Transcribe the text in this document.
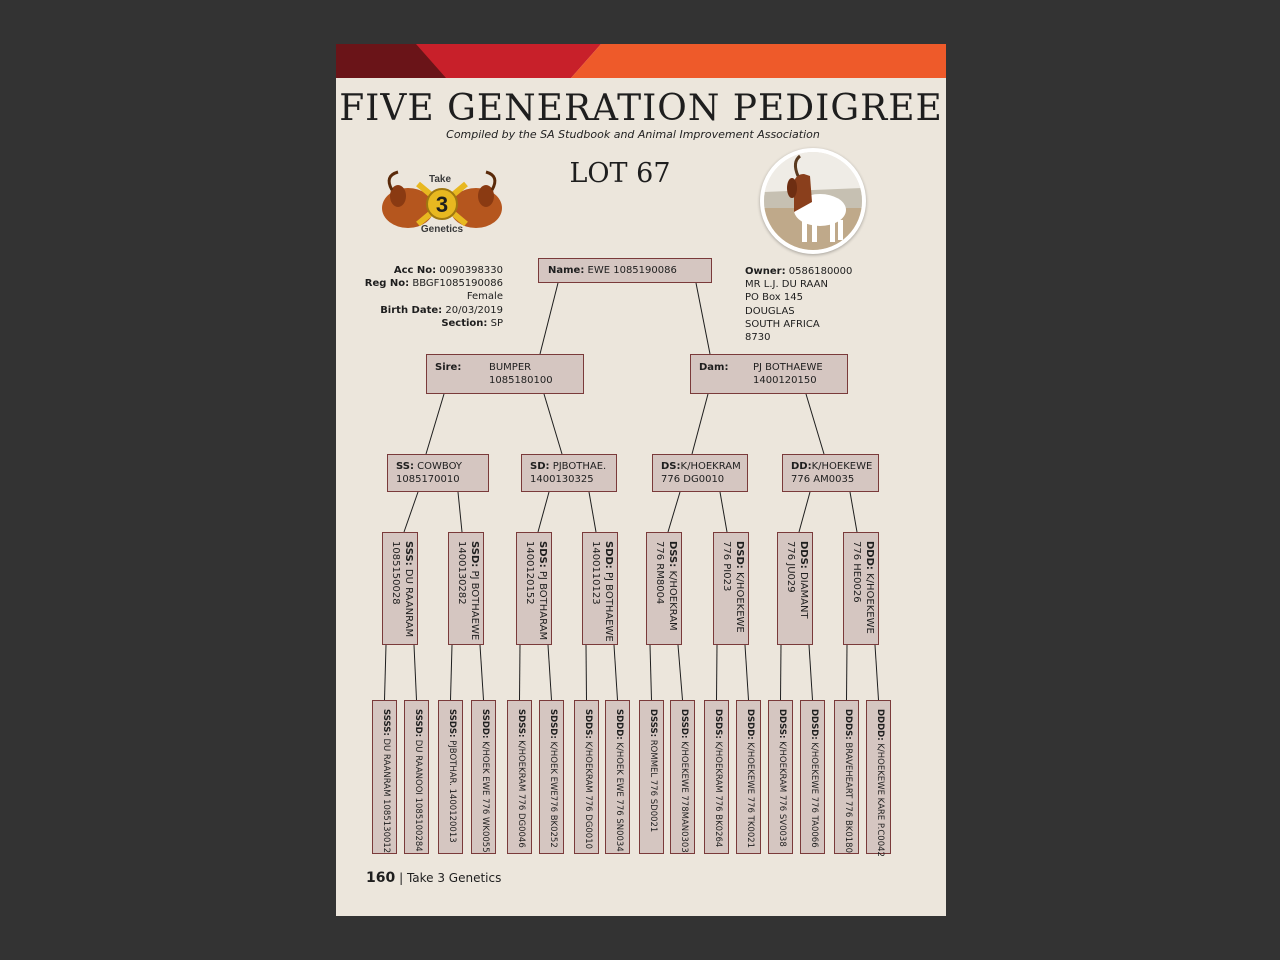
FIVE GENERATION PEDIGREE
Compiled by the SA Studbook and Animal Improvement Association
LOT 67
3
Take
Genetics
Acc No: 0090398330
Reg No: BBGF1085190086
Female
Birth Date: 20/03/2019
Section: SP
Owner: 0586180000
MR L.J. DU RAAN
PO Box 145
DOUGLAS
SOUTH AFRICA
8730
Name: EWE 1085190086
Sire:	BUMPER
1085180100
Dam: PJ BOTHAEWE
1400120150
SS: COWBOY
1085170010
SD: PJBOTHAE.
1400130325
DS:K/HOEKRAM
776 DG0010
DD:K/HOEKEWE
776 AM0035
SSS: DU RAANRAM
1085150028	SSD: PJ BOTHAEWE
1400130282	SDS: PJ BOTHARAM
1400120152	SDD: PJ BOTHAEWE
1400110123	DSS: K/HOEKRAM
776 RM8004	DSD: K/HOEKEWE
776 PI023	DDS: DIAMANT
776 JU029	DDD: K/HOEKEWE
776 HE0026
SSSS: DU RAANRAM 1085130012
SSSD: DU RAANOOI 1085100284
SSDS: PJBOTHAR. 1400120013
SSDD: K/HOEK EWE 776 WK0055
SDSS: K/HOEKRAM 776 DG0046
SDSD: K/HOEK EWE776 BK0252
SDDS: K/HOEKRAM 776 DG0010
SDDD: K/HOEK EWE 776 SN0034
DSSS: ROMMEL 776 SD0021
DSSD: K/HOEKEWE 778MAN0303
DSDS: K/HOEKRAM 776 BK0264
DSDD: K/HOEKEWE 776 TK0021
DDSS: K/HOEKRAM 776 SV0038
DDSD: K/HOEKEWE 776 TA0066
DDDS: BRAVEHEART 776 BK0180
DDDD: K/HOEKEWE KARE P.C0042
160 | Take 3 Genetics
